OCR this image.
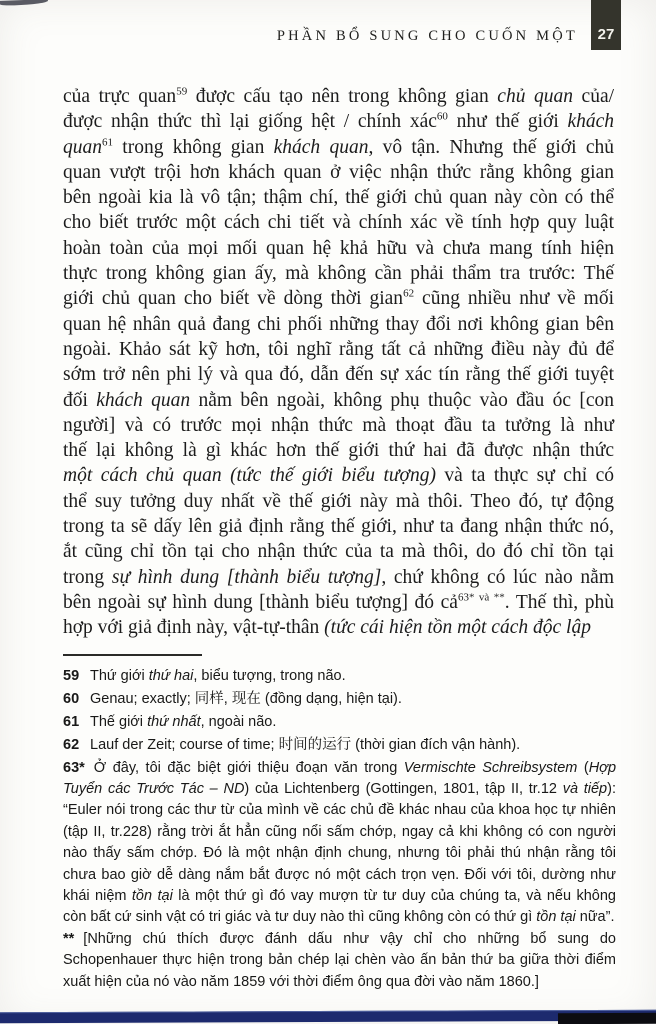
PHẦN BỔ SUNG CHO CUỐN MỘT	27
của trực quan$^{59}$ được cấu tạo nên trong không gian chủ quan của/
được nhận thức thì lại giống hệt / chính xác$^{60}$ như thế giới khách
quan$^{61}$ trong không gian khách quan, vô tận. Nhưng thế giới chủ
quan vượt trội hơn khách quan ở việc nhận thức rằng không gian
bên ngoài kia là vô tận; thậm chí, thế giới chủ quan này còn có thể
cho biết trước một cách chi tiết và chính xác về tính hợp quy luật
hoàn toàn của mọi mối quan hệ khả hữu và chưa mang tính hiện
thực trong không gian ấy, mà không cần phải thẩm tra trước: Thế
giới chủ quan cho biết về dòng thời gian$^{62}$ cũng nhiều như về mối
quan hệ nhân quả đang chi phối những thay đổi nơi không gian bên
ngoài. Khảo sát kỹ hơn, tôi nghĩ rằng tất cả những điều này đủ để
sớm trở nên phi lý và qua đó, dẫn đến sự xác tín rằng thế giới tuyệt
đối khách quan nằm bên ngoài, không phụ thuộc vào đầu óc [con
người] và có trước mọi nhận thức mà thoạt đầu ta tưởng là như
thế lại không là gì khác hơn thế giới thứ hai đã được nhận thức
một cách chủ quan (tức thế giới biểu tượng) và ta thực sự chỉ có
thể suy tưởng duy nhất về thế giới này mà thôi. Theo đó, tự động
trong ta sẽ dấy lên giả định rằng thế giới, như ta đang nhận thức nó,
ắt cũng chỉ tồn tại cho nhận thức của ta mà thôi, do đó chỉ tồn tại
trong sự hình dung [thành biểu tượng], chứ không có lúc nào nằm
bên ngoài sự hình dung [thành biểu tượng] đó cả$^{63* và **}$. Thế thì, phù
hợp với giả định này, vật-tự-thân (tức cái hiện tồn một cách độc lập
59 Thứ giới thứ hai, biểu tượng, trong não.
60 Genau; exactly; 同样, 现在 (đồng dạng, hiện tại).
61 Thế giới thứ nhất, ngoài não.
62 Lauf der Zeit; course of time; 时间的运行 (thời gian đích vận hành).
63* Ở đây, tôi đặc biệt giới thiệu đoạn văn trong Vermischte Schreibsystem (Hợp Tuyển các Trước Tác – ND) của Lichtenberg (Gottingen, 1801, tập II, tr.12 và tiếp): “Euler nói trong các thư từ của mình về các chủ đề khác nhau của khoa học tự nhiên (tập II, tr.228) rằng trời ắt hẳn cũng nổi sấm chớp, ngay cả khi không có con người nào thấy sấm chớp. Đó là một nhận định chung, nhưng tôi phải thú nhận rằng tôi chưa bao giờ dễ dàng nắm bắt được nó một cách trọn vẹn. Đối với tôi, dường như khái niệm tồn tại là một thứ gì đó vay mượn từ tư duy của chúng ta, và nếu không còn bất cứ sinh vật có tri giác và tư duy nào thì cũng không còn có thứ gì tồn tại nữa”.
** [Những chú thích được đánh dấu như vậy chỉ cho những bổ sung do Schopenhauer thực hiện trong bản chép lại chèn vào ấn bản thứ ba giữa thời điểm xuất hiện của nó vào năm 1859 với thời điểm ông qua đời vào năm 1860.]
